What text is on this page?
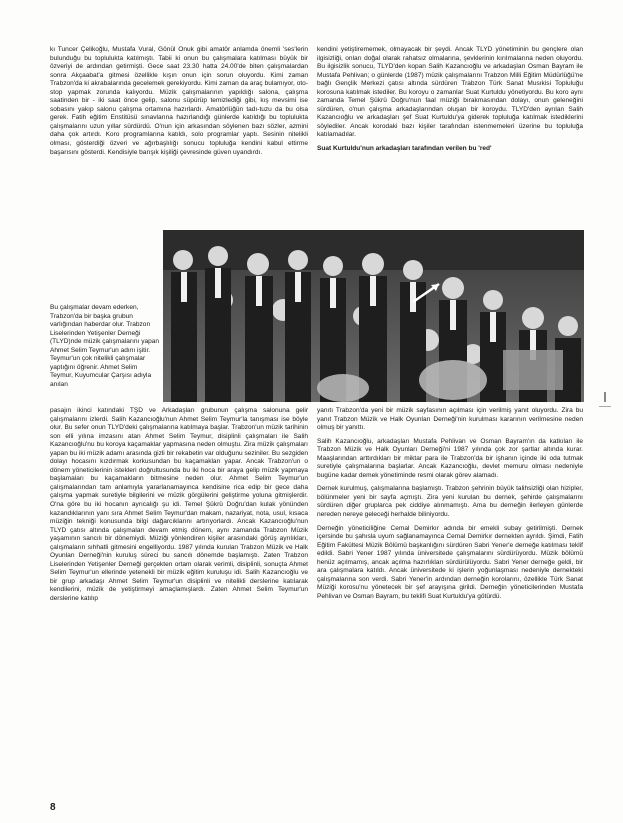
kı Tuncer Çelikoğlu, Mustafa Vural, Gönül Onuk gibi amatör anlamda önemli 'ses'lerin bulunduğu bu toplulukta katılmıştı. Tabii ki onun bu çalışmalara katılması büyük bir özveriyi de ardından getirmişti. Gece saat 23.30 hatta 24.00'de biten çalışmalardan sonra Akçaabat'a gitmesi özellikle kışın onun için sorun oluyordu. Kimi zaman Trabzon'da ki akrabalarında gecelemek gerekiyordu. Kimi zaman da araç bulamıyor, oto-stop yapmak zorunda kalıyordu. Müzik çalışmalarının yapıldığı salona, çalışma saatinden bir - iki saat önce gelip, salonu süpürüp temizlediği gibi, kış mevsimi ise sobasını yakıp salonu çalışma ortamına hazırlardı. Amatörlüğün tadı-tuzu da bu olsa gerek. Fatih eğitim Enstitüsü sınavlarına hazırlandığı günlerde katıldığı bu toplulukta çalışmalarını uzun yıllar sürdürdü. O'nun için arkasından söylenen bazı sözler, azmini daha çok artırdı. Koro programlarına katıldı, solo programlar yaptı. Sesinin nitelikli olması, gösterdiği özveri ve ağırbaşlılığı sonucu topluluğa kendini kabul ettirme başarısını gösterdi. Kendisiyle barışık kişiliği çevresinde güven uyandırdı.

kendini yetiştirememek, olmayacak bir şeydi. Ancak TLYD yönetiminin bu gençlere olan ilgisizliği, onları doğal olarak rahatsız olmalarına, şevklerinin kırılmalarına neden oluyordu. Bu ilgisizlik sonucu, TLYD'den kopan Salih Kazancıoğlu ve arkadaşları Osman Bayram ile Mustafa Pehlivan; o günlerde (1987) müzik çalışmalarını Trabzon Milli Eğitim Müdürlüğü'ne bağlı Gençlik Merkezi çatısı altında sürdüren Trabzon Türk Sanat Musıkisi Topluluğu korosuna katılmak istediler. Bu koroyu o zamanlar Suat Kurtuldu yönetiyordu. Bu koro aynı zamanda Temel Şükrü Doğru'nun faal müziği bırakmasından dolayı, onun geleneğini sürdüren, o'nun çalışma arkadaşlarından oluşan bir koroydu. TLYD'den ayrılan Salih Kazancıoğlu ve arkadaşları şef Suat Kurtuldu'ya giderek topluluğa katılmak istediklerini söylediler. Ancak korodaki bazı kişiler tarafından istenmemeleri üzerine bu topluluğa katılamadılar.

Suat Kurtuldu'nun arkadaşları tarafından verilen bu 'red'

Bu çalışmalar devam ederken, Trabzon'da bir başka grubun varlığından haberdar olur. Trabzon Liselerinden Yetişenler Derneği (TLYD)nde müzik çalışmalarını yapan Ahmet Selim Teymur'un adını işitir. Teymur'un çok nitelikli çalışmalar yaptığını öğrenir. Ahmet Selim Teymur, Kuyumcular Çarşısı adıyla anılan

pasajın ikinci katındaki TŞD ve Arkadaşları grubunun çalışma salonuna gelir çalışmalarını izlerdi. Salih Kazancıoğlu'nun Ahmet Selim Teymur'la tanışması ise böyle olur. Bu sefer onun TLYD'deki çalışmalarına katılmaya başlar. Trabzon'un müzik tarihinin son elli yılına imzasını atan Ahmet Selim Teymur, disiplinli çalışmaları ile Salih Kazancıoğlu'nu bu koroya kaçamaklar yapmasına neden olmuştu. Zira müzik çalışmaları yapan bu iki müzik adamı arasında gizli bir rekabetin var olduğunu seziniler. Bu sezgiden dolayı hocasını kızdırmak korkusundan bu kaçamakları yapar. Ancak Trabzon'un o dönem yöneticilerinin istekleri doğrultusunda bu iki hoca bir araya gelip müzik yapmaya başlamaları bu kaçamakların bitmesine neden olur. Ahmet Selim Teymur'un çalışmalarından tam anlamıyla yararlanamayınca kendisine rica edip bir gece daha çalışma yapmak suretiyle bilgilerini ve müzik görgülerini geliştirme yoluna gitmişlerdir. O'na göre bu iki hocanın ayrıcalığı şu idi. Temel Şükrü Doğru'dan kulak yönünden kazandıklarının yanı sıra Ahmet Selim Teymur'dan makam, nazariyat, nota, usul, kısaca müziğin tekniği konusunda bilgi dağarcıklarını artırıyorlardı. Ancak Kazancıoğlu'nun TLYD çatısı altında çalışmaları devam etmiş dönem, aynı zamanda Trabzon Müzik yaşamının sancılı bir dönemiydi. Müziği yönlendiren kişiler arasındaki görüş ayrılıkları, çalışmaların sıhhatli gitmesini engelliyordu. 1987 yılında kurulan Trabzon Müzik ve Halk Oyunları Derneği'nin kuruluş süreci bu sancılı dönemde başlamıştı. Zaten Trabzon Liselerinden Yetişenler Derneği gerçekten ortam olarak verimli, disiplinli, sonuçta Ahmet Selim Teymur'un ellerinde yetenekli bir müzik eğitim kuruluşu idi. Salih Kazancıoğlu ve bir grup arkadaşı Ahmet Selim Teymur'un disiplinli ve nitelikli derslerine katılarak kendilerini, müzik de yetiştirmeyi amaçlamışlardı. Zaten Ahmet Selim Teymur'un derslerine katılıp

yanıtı Trabzon'da yeni bir müzik sayfasının açılması için verilmiş yanıt oluyordu. Zira bu yanıt Trabzon Müzik ve Halk Oyunları Derneği'nin kurulması kararının verilmesine neden olmuş bir yanıttı.

Salih Kazancıoğlu, arkadaşları Mustafa Pehlivan ve Osman Bayram'ın da katkıları ile Trabzon Müzik ve Halk Oyunları Derneği'ni 1987 yılında çok zor şartlar altında kurar. Maaşlarından arttırdıkları bir miktar para ile Trabzon'da bir işhanın içinde iki oda tutmak suretiyle çalışmalarına başlarlar. Ancak Kazancıoğlu, devlet memuru olması nedeniyle bugüne kadar demek yönetiminde resmi olarak görev alamadı.

Dernek kurulmuş, çalışmalarına başlamıştı. Trabzon şehrinin büyük talihsizliği olan hizipler, bölünmeler yeni bir sayfa açmıştı. Zira yeni kurulan bu dernek, şehirde çalışmalarını sürdüren diğer gruplarca pek ciddiye alınmamıştı. Ama bu derneğin ilerleyen günlerde nereden nereye geleceği herhalde biliniyordu.

Derneğin yöneticiliğine Cemal Demirkır adında bir emekli subay getirilmişti. Dernek içersinde bu şahısla uyum sağlanamayınca Cemal Demirkır dernekten ayrıldı. Şimdi, Fatih Eğitim Fakültesi Müzik Bölümü başkanlığını sürdüren Sabri Yener'e derneğe katılması teklif edildi. Sabri Yener 1987 yılında üniversitede çalışmalarını sürdürüyordu. Müzik bölümü henüz açılmamış, ancak açılma hazırlıkları sürdürülüyordu. Sabri Yener derneğe geldi, bir ara çalışmalara katıldı. Ancak üniversitede ki işlerin yoğunlaşması nedeniyle dernekteki çalışmalarına son verdi. Sabri Yener'in ardından derneğin korolarını, özellikle Türk Sanat Müziği korosu'nu yönetecek bir şef arayışına girildi. Derneğin yöneticilerinden Mustafa Pehlivan ve Osman Bayram, bu teklifi Suat Kurtuldu'ya götürdü.

8
